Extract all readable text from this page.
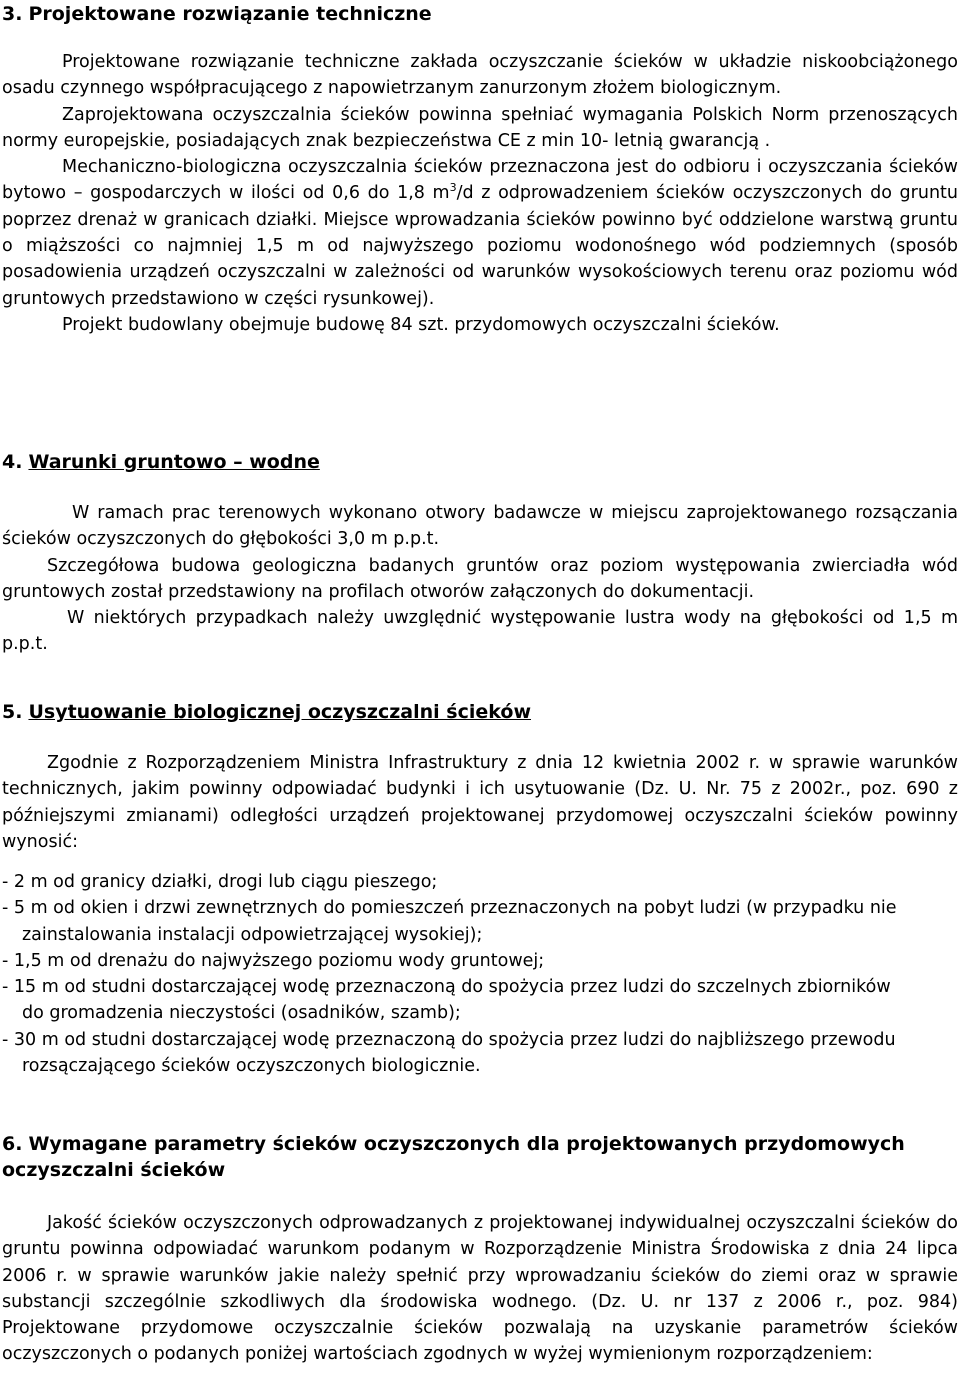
3. Projektowane rozwiązanie techniczne

Projektowane rozwiązanie techniczne zakłada oczyszczanie ścieków w układzie niskoobciążonego osadu czynnego współpracującego z napowietrzanym zanurzonym złożem biologicznym.

Zaprojektowana oczyszczalnia ścieków powinna spełniać wymagania Polskich Norm przenoszących normy europejskie, posiadających znak bezpieczeństwa CE z min 10- letnią gwarancją .

Mechaniczno-biologiczna oczyszczalnia ścieków przeznaczona jest do odbioru i oczyszczania ścieków bytowo – gospodarczych w ilości od 0,6 do 1,8 $m^3/d$ z odprowadzeniem ścieków oczyszczonych do gruntu poprzez drenaż w granicach działki. Miejsce wprowadzania ścieków powinno być oddzielone warstwą gruntu o miąższości co najmniej 1,5 m od najwyższego poziomu wodonośnego wód podziemnych (sposób posadowienia urządzeń oczyszczalni w zależności od warunków wysokościowych terenu oraz poziomu wód gruntowych przedstawiono w części rysunkowej).

Projekt budowlany obejmuje budowę 84 szt. przydomowych oczyszczalni ścieków.

4. Warunki gruntowo – wodne

W ramach prac terenowych wykonano otwory badawcze w miejscu zaprojektowanego rozsączania ścieków oczyszczonych do głębokości 3,0 m p.p.t.

Szczegółowa budowa geologiczna badanych gruntów oraz poziom występowania zwierciadła wód gruntowych został przedstawiony na profilach otworów załączonych do dokumentacji.

W niektórych przypadkach należy uwzględnić występowanie lustra wody na głębokości od 1,5 m p.p.t.

5. Usytuowanie biologicznej oczyszczalni ścieków

Zgodnie z Rozporządzeniem Ministra Infrastruktury z dnia 12 kwietnia 2002 r. w sprawie warunków technicznych, jakim powinny odpowiadać budynki i ich usytuowanie (Dz. U. Nr. 75 z 2002r., poz. 690 z późniejszymi zmianami) odległości urządzeń projektowanej przydomowej oczyszczalni ścieków powinny wynosić:

- 2 m od granicy działki, drogi lub ciągu pieszego;
- 5 m od okien i drzwi zewnętrznych do pomieszczeń przeznaczonych na pobyt ludzi (w przypadku nie zainstalowania instalacji odpowietrzającej wysokiej);
- 1,5 m od drenażu do najwyższego poziomu wody gruntowej;
- 15 m od studni dostarczającej wodę przeznaczoną do spożycia przez ludzi do szczelnych zbiorników do gromadzenia nieczystości (osadników, szamb);
- 30 m od studni dostarczającej wodę przeznaczoną do spożycia przez ludzi do najbliższego przewodu rozsączającego ścieków oczyszczonych biologicznie.
6. Wymagane parametry ścieków oczyszczonych dla projektowanych przydomowych oczyszczalni ścieków

Jakość ścieków oczyszczonych odprowadzanych z projektowanej indywidualnej oczyszczalni ścieków do gruntu powinna odpowiadać warunkom podanym w Rozporządzenie Ministra Środowiska z dnia 24 lipca 2006 r. w sprawie warunków jakie należy spełnić przy wprowadzaniu ścieków do ziemi oraz w sprawie substancji szczególnie szkodliwych dla środowiska wodnego. (Dz. U. nr 137 z 2006 r., poz. 984) Projektowane przydomowe oczyszczalnie ścieków pozwalają na uzyskanie parametrów ścieków oczyszczonych o podanych poniżej wartościach zgodnych w wyżej wymienionym rozporządzeniem:
